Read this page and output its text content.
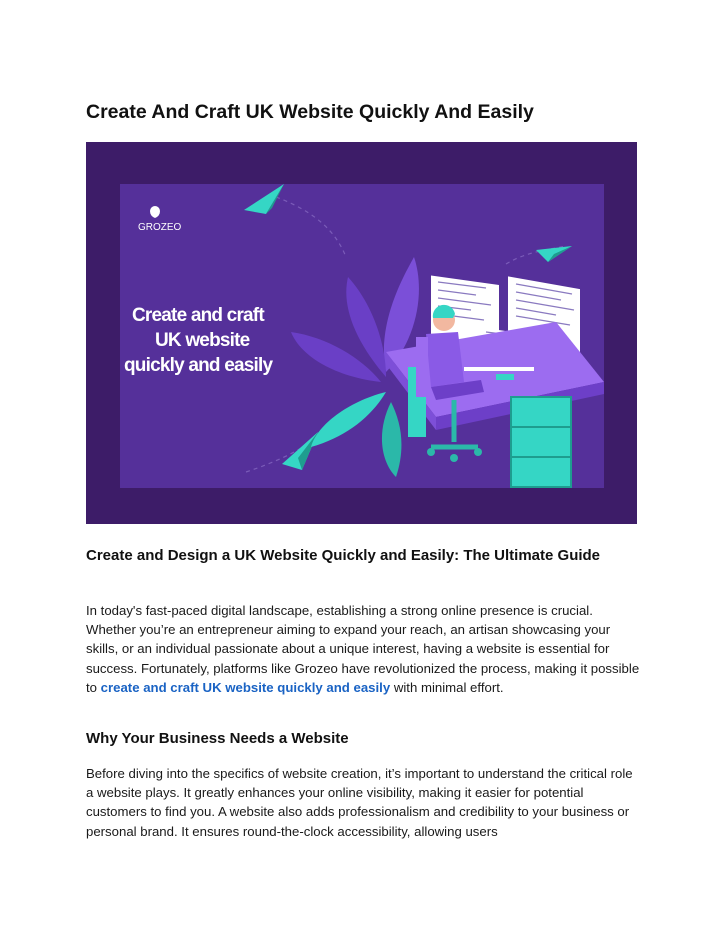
Create And Craft UK Website Quickly And Easily
GROZEO
Create and craft
UK website
quickly and easily
Create and Design a UK Website Quickly and Easily: The Ultimate Guide

In today's fast-paced digital landscape, establishing a strong online presence is crucial. Whether you’re an entrepreneur aiming to expand your reach, an artisan showcasing your skills, or an individual passionate about a unique interest, having a website is essential for success. Fortunately, platforms like Grozeo have revolutionized the process, making it possible to create and craft UK website quickly and easily with minimal effort.

Why Your Business Needs a Website

Before diving into the specifics of website creation, it’s important to understand the critical role a website plays. It greatly enhances your online visibility, making it easier for potential customers to find you. A website also adds professionalism and credibility to your business or personal brand. It ensures round-the-clock accessibility, allowing users
